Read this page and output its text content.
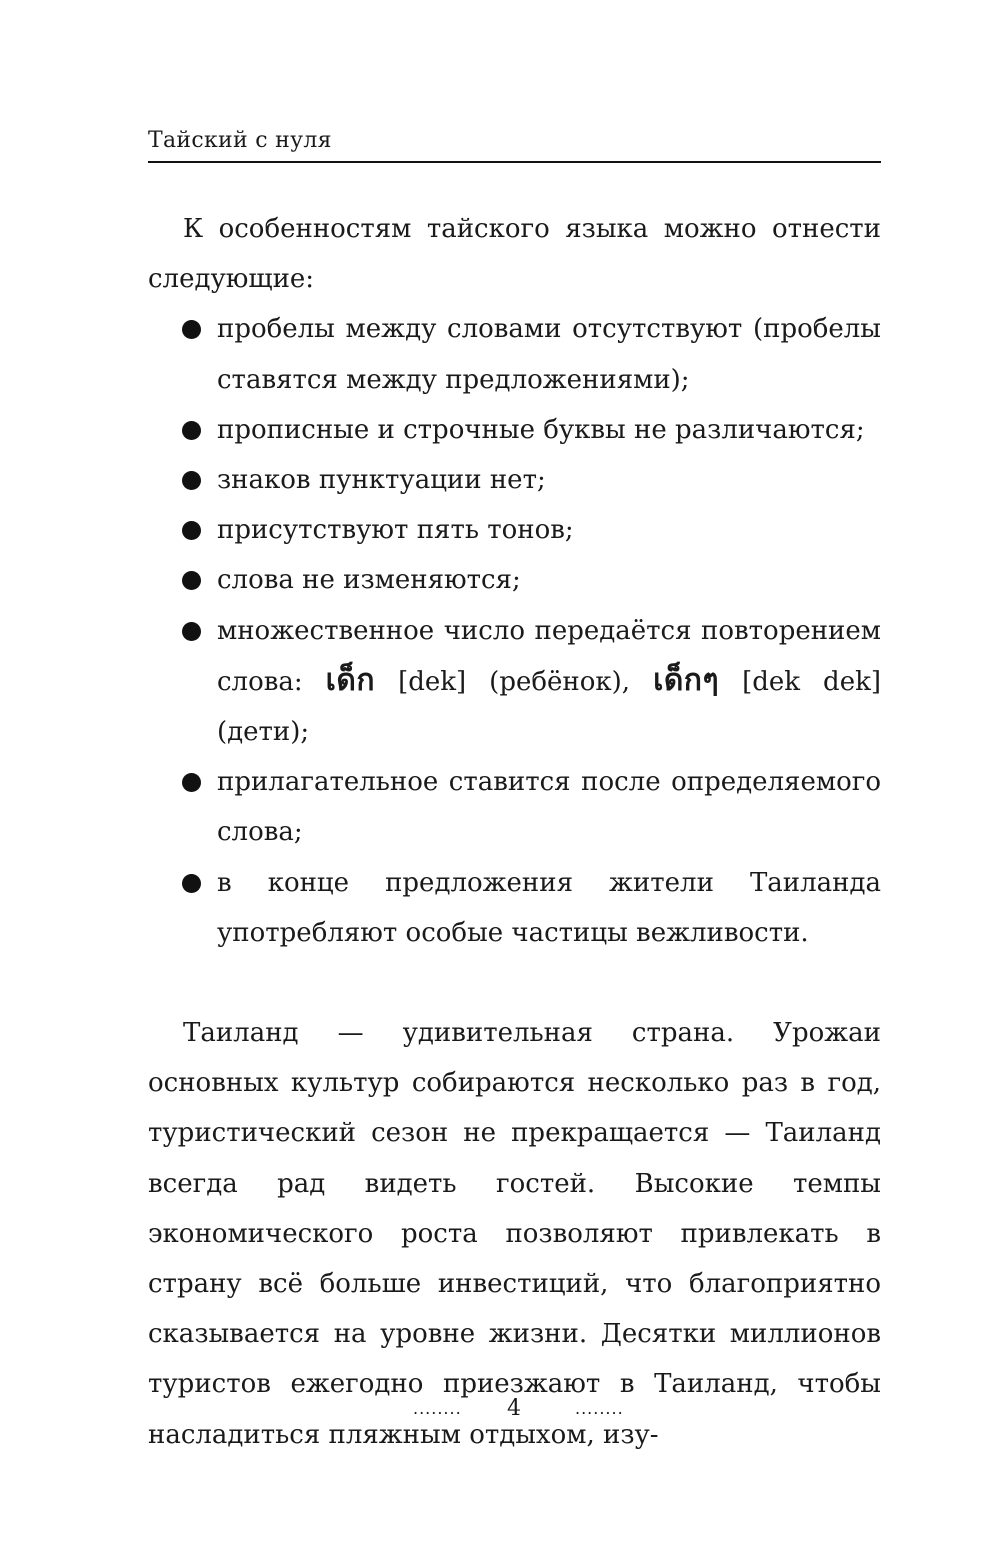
Тайский с нуля

К особенностям тайского языка можно отнести следующие:

пробелы между словами отсутствуют (пробелы ставятся между предложениями);
прописные и строчные буквы не различаются;
знаков пунктуации нет;
присутствуют пять тонов;
слова не изменяются;
множественное число передаётся повторением слова: เด็ก [dek] (ребёнок), เด็กๆ [dek dek] (дети);
прилагательное ставится после определяемого слова;
в конце предложения жители Таиланда употребляют особые частицы вежливости.

Таиланд — удивительная страна. Урожаи основных культур собираются несколько раз в год, туристический сезон не прекращается — Таиланд всегда рад видеть гостей. Высокие темпы экономического роста позволяют привлекать в страну всё больше инвестиций, что благоприятно сказывается на уровне жизни. Десятки миллионов туристов ежегодно приезжают в Таиланд, чтобы насладиться пляжным отдыхом, изу-

........	4	........
